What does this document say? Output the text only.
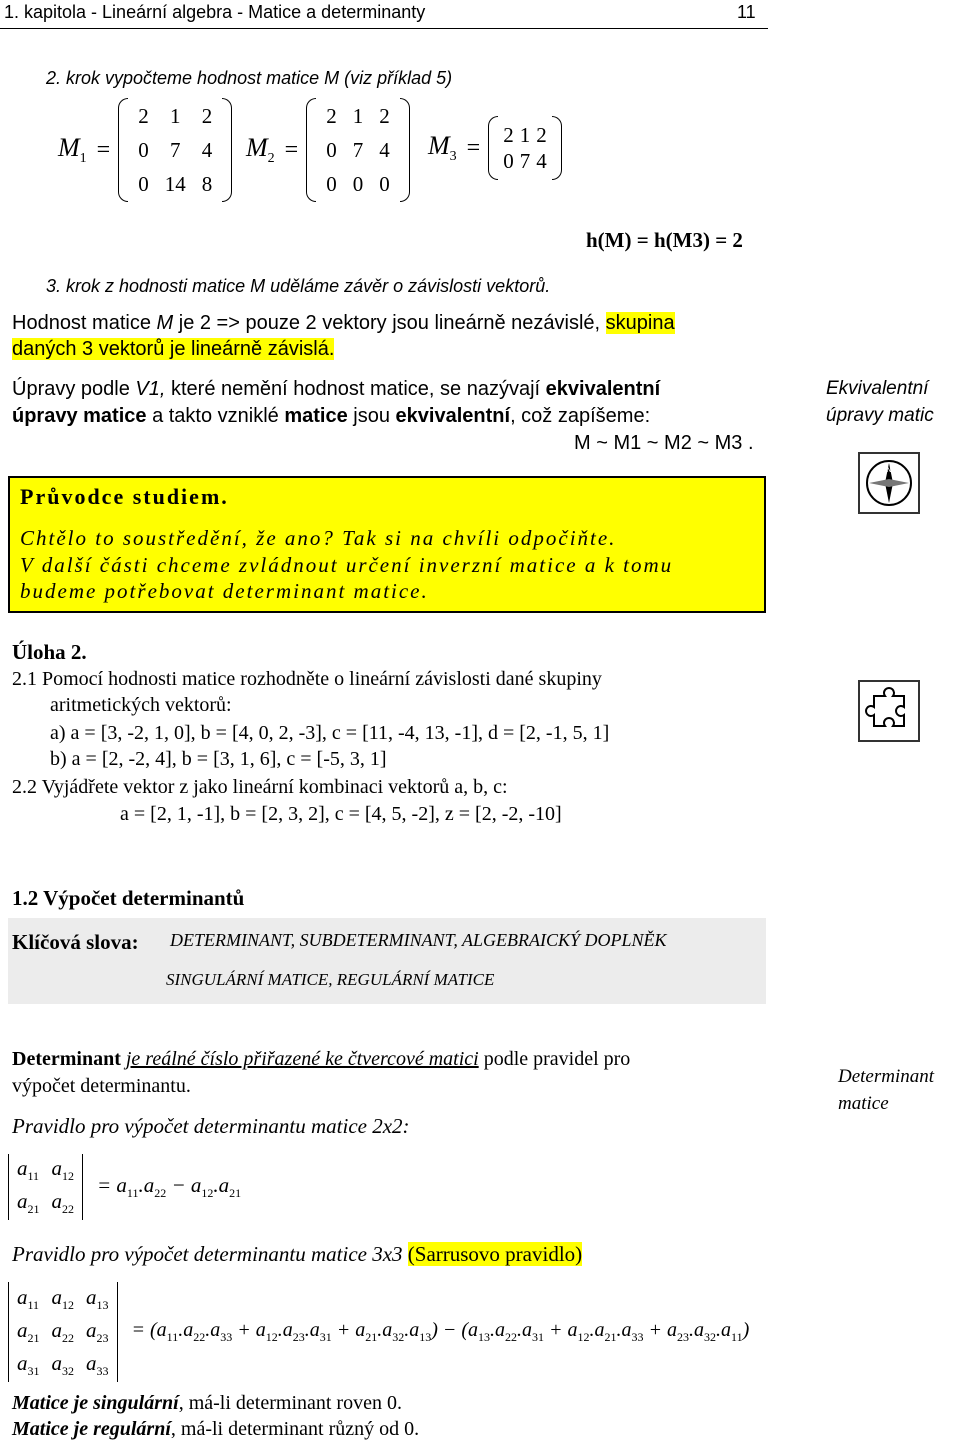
1. kapitola - Lineární algebra - Matice a determinanty	11
2. krok vypočteme hodnost matice M (viz příklad 5)
$M_1$ =
2	1	2
0	7	4
0	14	8
$M_2$ =
2	1	2
0	7	4
0	0	0
$M_3 = 2$	1	2
0	7	4
h(M) = h(M3) = 2
3. krok z hodnosti matice M uděláme závěr o závislosti vektorů.
Hodnost matice M je 2 => pouze 2 vektory jsou lineárně nezávislé, skupina
daných 3 vektorů je lineárně závislá.
Úpravy podle V1, které nemění hodnost matice, se nazývají ekvivalentní
úpravy matice a takto vzniklé matice jsou ekvivalentní, což zapíšeme:
M ~ M1 ~ M2 ~ M3 .
Ekvivalentní
úpravy matic
N
Průvodce studiem.
Chtělo to soustředění, že ano? Tak si na chvíli odpočiňte.
V další části chceme zvládnout určení inverzní matice a k tomu
budeme potřebovat determinant matice.
Úloha 2.
2.1 Pomocí hodnosti matice rozhodněte o lineární závislosti dané skupiny
aritmetických vektorů:
a) a = [3, -2, 1, 0], b = [4, 0, 2, -3], c = [11, -4, 13, -1], d = [2, -1, 5, 1]
b) a = [2, -2, 4], b = [3, 1, 6], c = [-5, 3, 1]
2.2 Vyjádřete vektor z jako lineární kombinaci vektorů a, b, c:
a = [2, 1, -1], b = [2, 3, 2], c = [4, 5, -2], z = [2, -2, -10]
1.2 Výpočet determinantů
Klíčová slova: DETERMINANT, SUBDETERMINANT, ALGEBRAICKÝ DOPLNĚK
SINGULÁRNÍ MATICE, REGULÁRNÍ MATICE
Determinant je reálné číslo přiřazené ke čtvercové matici podle pravidel pro
výpočet determinantu.	Determinant
matice
Pravidlo pro výpočet determinantu matice 2x2:
$a_{11}$	$a_{12}$
$a_{21}$	$a_{22}$
= $a_{11}.a_{22} - a_{12}.a_{21}$
Pravidlo pro výpočet determinantu matice 3x3 (Sarrusovo pravidlo)
$a_{11}$	$a_{12}$	$a_{13}$
$a_{21}$	$a_{22}$	$a_{23}$
$a_{31}$	$a_{32}$	$a_{33}$
= $(a_{11}.a_{22}.a_{33} + a_{12}.a_{23}.a_{31} + a_{21}.a_{32}.a_{13}) - (a_{13}.a_{22}.a_{31} + a_{12}.a_{21}.a_{33} + a_{23}.a_{32}.a_{11})$
Matice je singulární, má-li determinant roven 0.
Matice je regulární, má-li determinant různý od 0.
